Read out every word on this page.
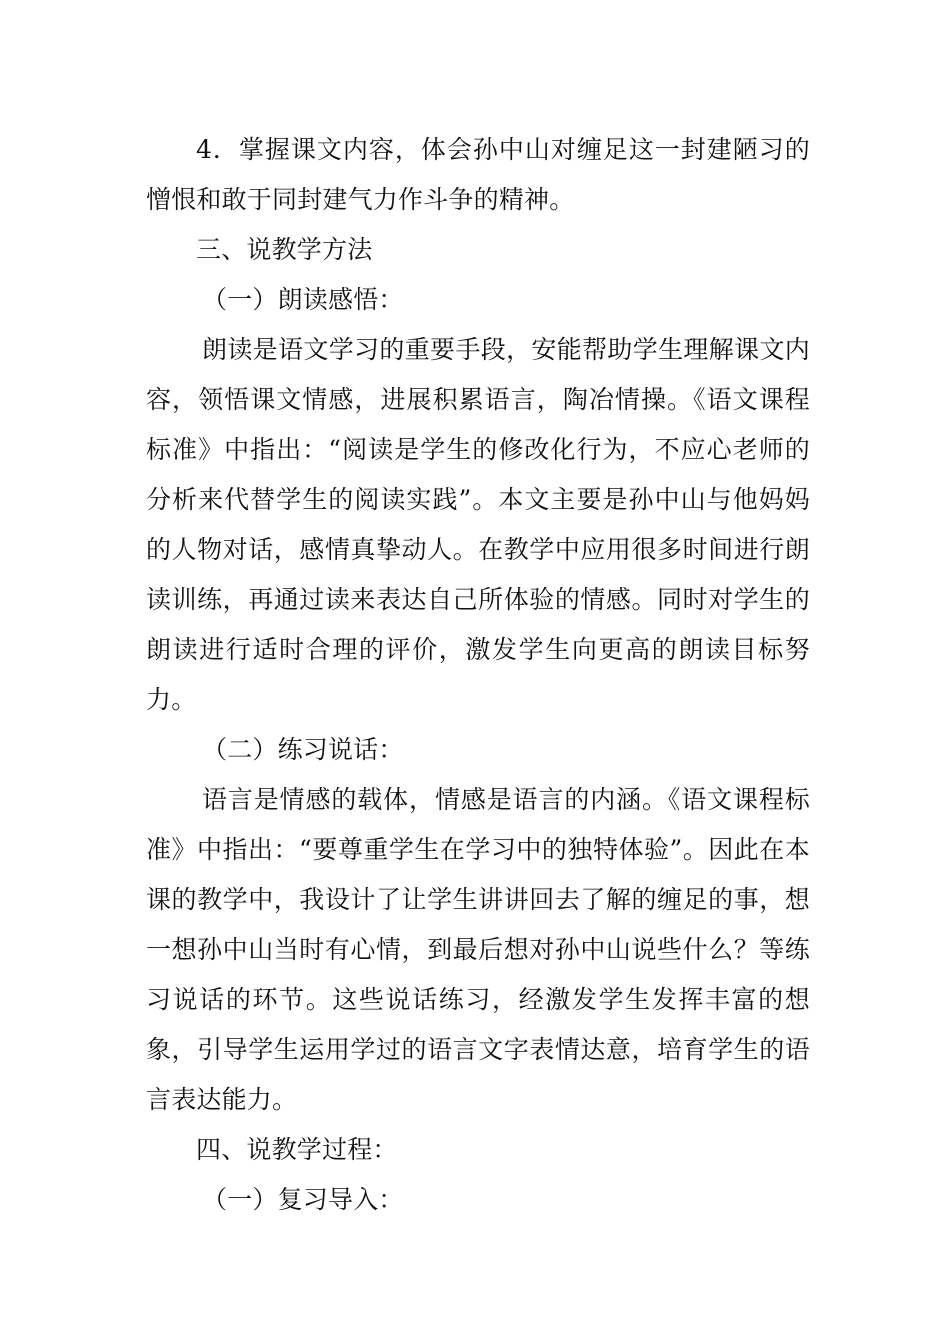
4．掌握课文内容，体会孙中山对缠足这一封建陋习的憎恨和敢于同封建气力作斗争的精神。

三、说教学方法

（一）朗读感悟：

朗读是语文学习的重要手段，安能帮助学生理解课文内容，领悟课文情感，进展积累语言，陶冶情操。《语文课程标准》中指出：“阅读是学生的修改化行为，不应心老师的分析来代替学生的阅读实践”。本文主要是孙中山与他妈妈的人物对话，感情真挚动人。在教学中应用很多时间进行朗读训练，再通过读来表达自己所体验的情感。同时对学生的朗读进行适时合理的评价，激发学生向更高的朗读目标努力。

（二）练习说话：

语言是情感的载体，情感是语言的内涵。《语文课程标准》中指出：“要尊重学生在学习中的独特体验”。因此在本课的教学中，我设计了让学生讲讲回去了解的缠足的事，想一想孙中山当时有心情，到最后想对孙中山说些什么？等练习说话的环节。这些说话练习，经激发学生发挥丰富的想象，引导学生运用学过的语言文字表情达意，培育学生的语言表达能力。

四、说教学过程：

（一）复习导入：
